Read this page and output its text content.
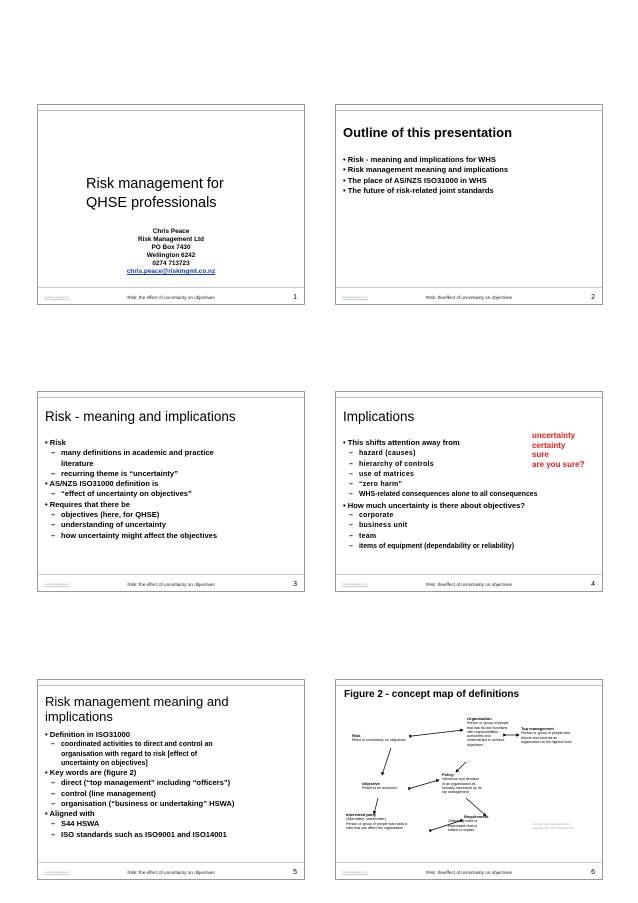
Risk management for
QHSE professionals
Chris Peace
Risk Management Ltd
PO Box 7430
Wellington 6242
0274 713723
chris.peace@riskmgmt.co.nz
riskmanagement	Risk: the effect of uncertainty on objectives	1
Outline of this presentation
• Risk - meaning and implications for WHS
• Risk management meaning and implications
• The place of AS/NZS ISO31000 in WHS
• The future of risk-related joint standards
riskmanagement	Risk: theeffect of uncertainty on objectives	2
Risk - meaning and implications
• Risk
– many definitions in academic and practice
literature
– recurring theme is “uncertainty”
• AS/NZS ISO31000 definition is
– “effect of uncertainty on objectives”
• Requires that there be
– objectives (here, for QHSE)
– understanding of uncertainty
– how uncertainty might affect the objectives
riskmanagement	Risk: the effect of uncertainty on objectives	3
Implications
uncertainty
certainty
sure
are you sure?
• This shifts attention away from
– hazard (causes)
– hierarchy of controls
– use of matrices
– “zero harm”
– WHS-related consequences alone to all consequences
• How much uncertainty is there about objectives?
– corporate
– business unit
– team
– items of equipment (dependability or reliability)
riskmanagement	Risk: theeffect of uncertainty on objectives	4
Risk management meaning and
implications
• Definition in ISO31000
– coordinated activities to direct and control an
organisation with regard to risk [effect of
uncertainty on objectives]
• Key words are (figure 2)
– direct (“top management” including “officers”)
– control (line management)
– organisation (“business or undertaking” HSWA)
• Aligned with
– S44 HSWA
– ISO standards such as ISO9001 and ISO14001
riskmanagement	Risk: the effect of uncertainty on objectives	5
Figure 2 - concept map of definitions
Organisation
Person or group of people
that has its own functions
with responsibilities,
authorities and
relationships to achieve
objectives
Top management
Person or group of people who
directs and controls an
organisation at the highest level
Risk
Effect of uncertainty on objectives
Policy
Intentions and direction
of an organisation as
formally expressed by its
top management
Objective
Result to be achieved
Interested party
(Alternative: stakeholder)
Person or group of people that holds a
view that can affect the organisation
Requirement
Obligatory need or
expectation that is
stated or implied
Concept map with definitions
Adapted from ISO/TS/Guide 83
riskmanagement	Risk: theeffect of uncertainty on objectives	6
